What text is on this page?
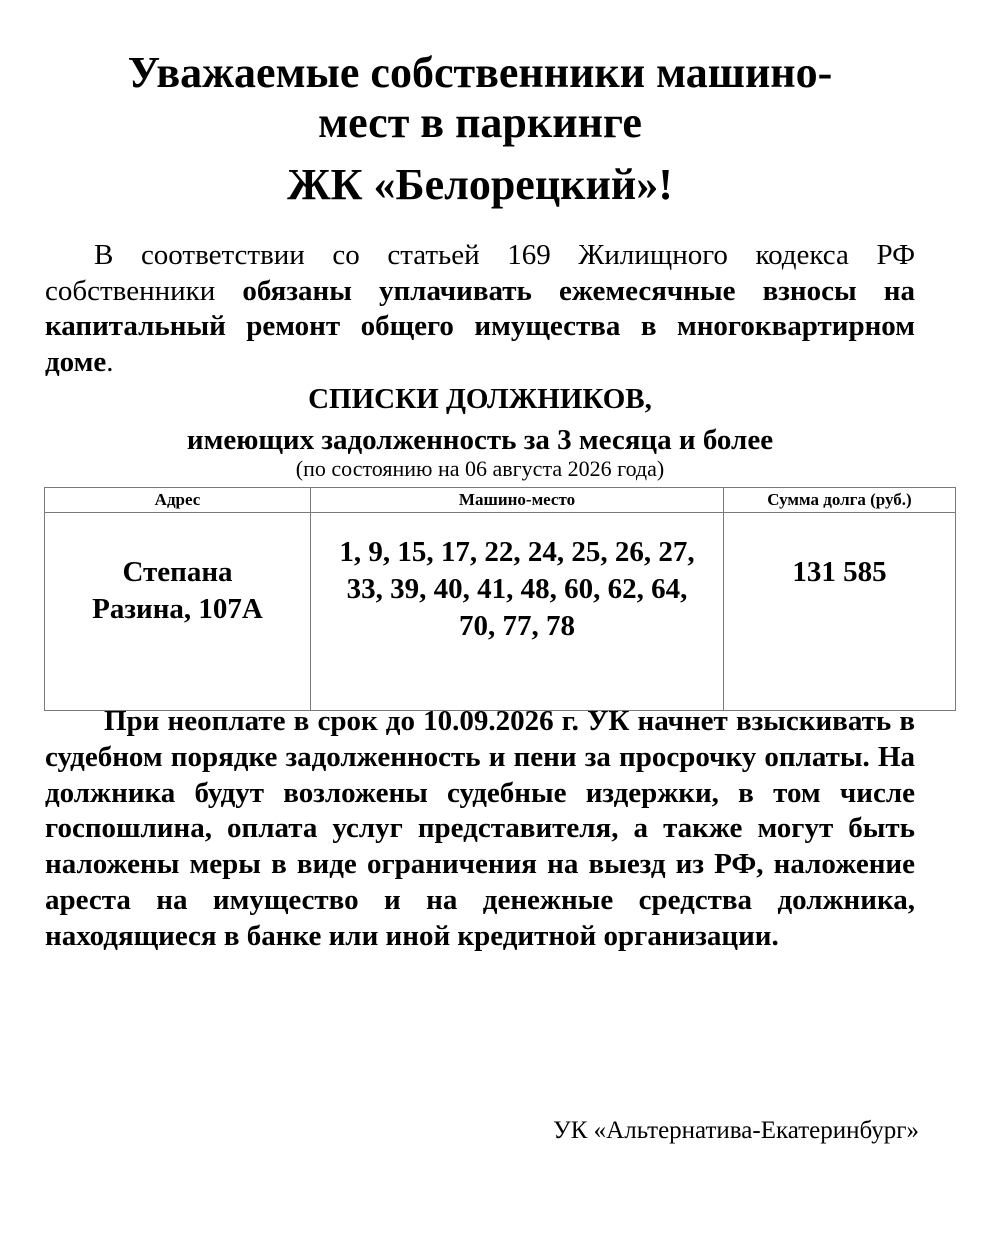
Уважаемые собственники машино-
мест в паркинге
ЖК «Белорецкий»!

В соответствии со статьей 169 Жилищного кодекса РФ собственники обязаны уплачивать ежемесячные взносы на капитальный ремонт общего имущества в многоквартирном доме.

СПИСКИ ДОЛЖНИКОВ,
имеющих задолженность за 3 месяца и более
(по состоянию на 06 августа 2026 года)
Адрес	Машино-место	Сумма долга (руб.)

Степана
Разина, 107А	1, 9, 15, 17, 22, 24, 25, 26, 27, 33, 39, 40, 41, 48, 60, 62, 64, 70, 77, 78	131 585

При неоплате в срок до 10.09.2026 г. УК начнет взыскивать в судебном порядке задолженность и пени за просрочку оплаты. На должника будут возложены судебные издержки, в том числе госпошлина, оплата услуг представителя, а также могут быть наложены меры в виде ограничения на выезд из РФ, наложение ареста на имущество и на денежные средства должника, находящиеся в банке или иной кредитной организации.

УК «Альтернатива-Екатеринбург»
